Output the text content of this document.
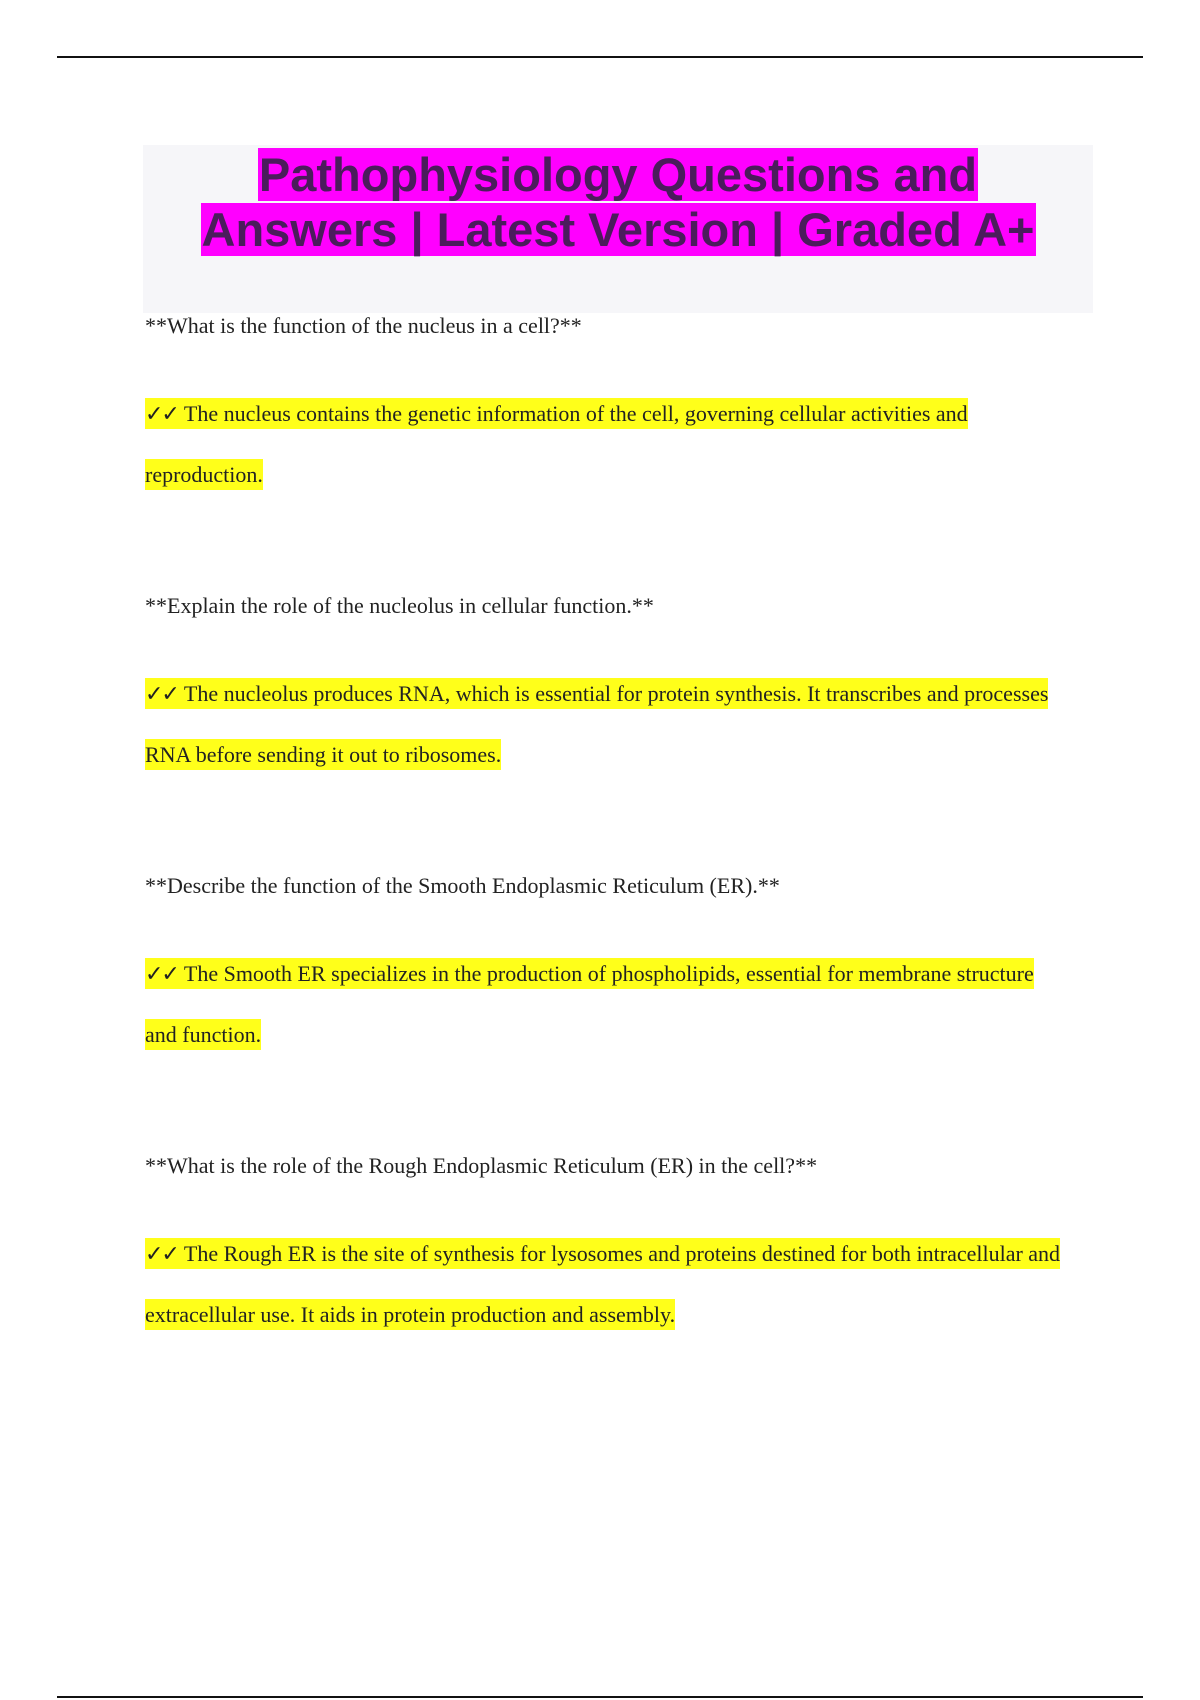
Pathophysiology Questions and
Answers | Latest Version | Graded A+

**What is the function of the nucleus in a cell?**

✓✓ The nucleus contains the genetic information of the cell, governing cellular activities and reproduction.

**Explain the role of the nucleolus in cellular function.**

✓✓ The nucleolus produces RNA, which is essential for protein synthesis. It transcribes and processes RNA before sending it out to ribosomes.

**Describe the function of the Smooth Endoplasmic Reticulum (ER).**

✓✓ The Smooth ER specializes in the production of phospholipids, essential for membrane structure and function.

**What is the role of the Rough Endoplasmic Reticulum (ER) in the cell?**

✓✓ The Rough ER is the site of synthesis for lysosomes and proteins destined for both intracellular and extracellular use. It aids in protein production and assembly.
